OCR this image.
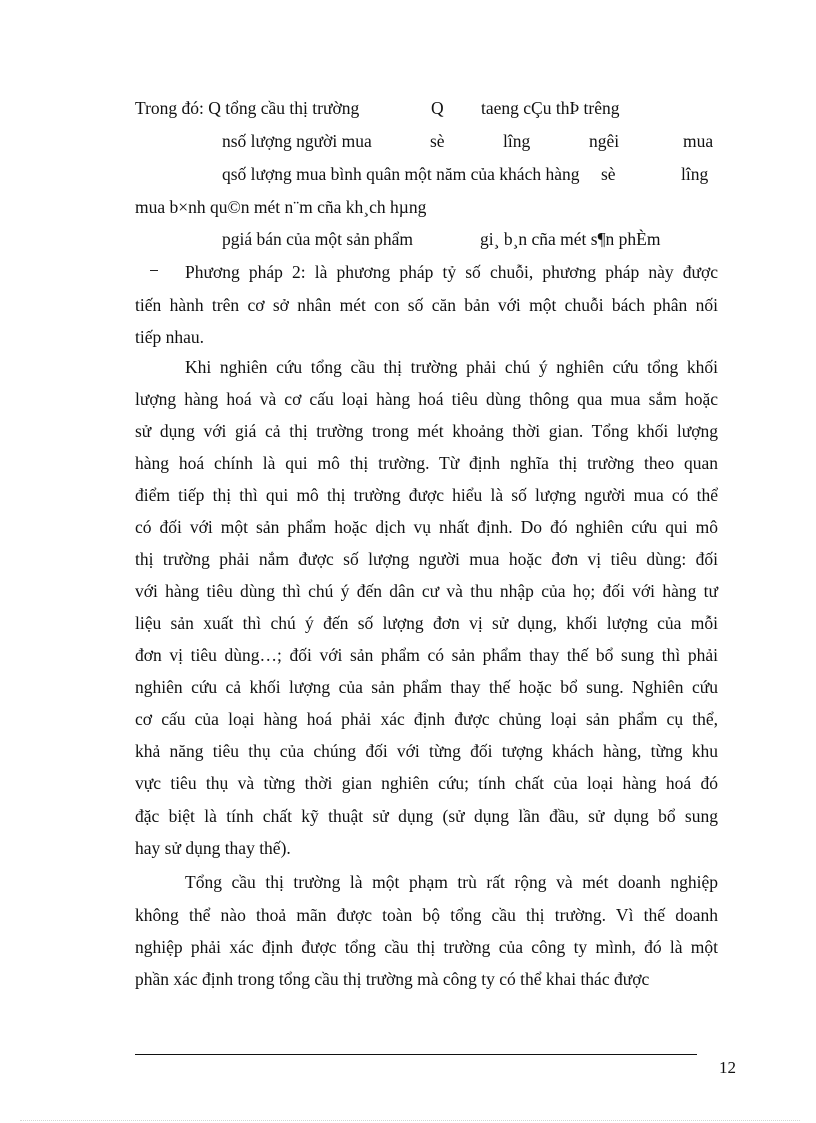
Trong đó: Q tổng cầu thị trường	Q taeng cÇu thÞ trêng
nsố lượng người mua	sè	lîng	ngêi	mua
qsố lượng mua bình quân một năm của khách hàng sè	lîng
mua b×nh qu©n mét n¨m cña kh¸ch hµng
pgiá bán của một sản phẩm	gi¸ b¸n cña mét s¶n phÈm
Phương pháp 2: là phương pháp tỷ số chuỗi, phương pháp này được
tiến hành trên cơ sở nhân mét con số căn bản với một chuỗi bách phân nối
tiếp nhau.
Khi nghiên cứu tổng cầu thị trường phải chú ý nghiên cứu tổng khối
lượng hàng hoá và cơ cấu loại hàng hoá tiêu dùng thông qua mua sắm hoặc
sử dụng với giá cả thị trường trong mét khoảng thời gian. Tổng khối lượng
hàng hoá chính là qui mô thị trường. Từ định nghĩa thị trường theo quan
điểm tiếp thị thì qui mô thị trường được hiểu là số lượng người mua có thể
có đối với một sản phẩm hoặc dịch vụ nhất định. Do đó nghiên cứu qui mô
thị trường phải nắm được số lượng người mua hoặc đơn vị tiêu dùng: đối
với hàng tiêu dùng thì chú ý đến dân cư và thu nhập của họ; đối với hàng tư
liệu sản xuất thì chú ý đến số lượng đơn vị sử dụng, khối lượng của mỗi
đơn vị tiêu dùng…; đối với sản phẩm có sản phẩm thay thế bổ sung thì phải
nghiên cứu cả khối lượng của sản phẩm thay thế hoặc bổ sung. Nghiên cứu
cơ cấu của loại hàng hoá phải xác định được chủng loại sản phẩm cụ thể,
khả năng tiêu thụ của chúng đối với từng đối tượng khách hàng, từng khu
vực tiêu thụ và từng thời gian nghiên cứu; tính chất của loại hàng hoá đó
đặc biệt là tính chất kỹ thuật sử dụng (sử dụng lần đầu, sử dụng bổ sung
hay sử dụng thay thế).
Tổng cầu thị trường là một phạm trù rất rộng và mét doanh nghiệp
không thể nào thoả mãn được toàn bộ tổng cầu thị trường. Vì thế doanh
nghiệp phải xác định được tổng cầu thị trường của công ty mình, đó là một
phần xác định trong tổng cầu thị trường mà công ty có thể khai thác được
12
